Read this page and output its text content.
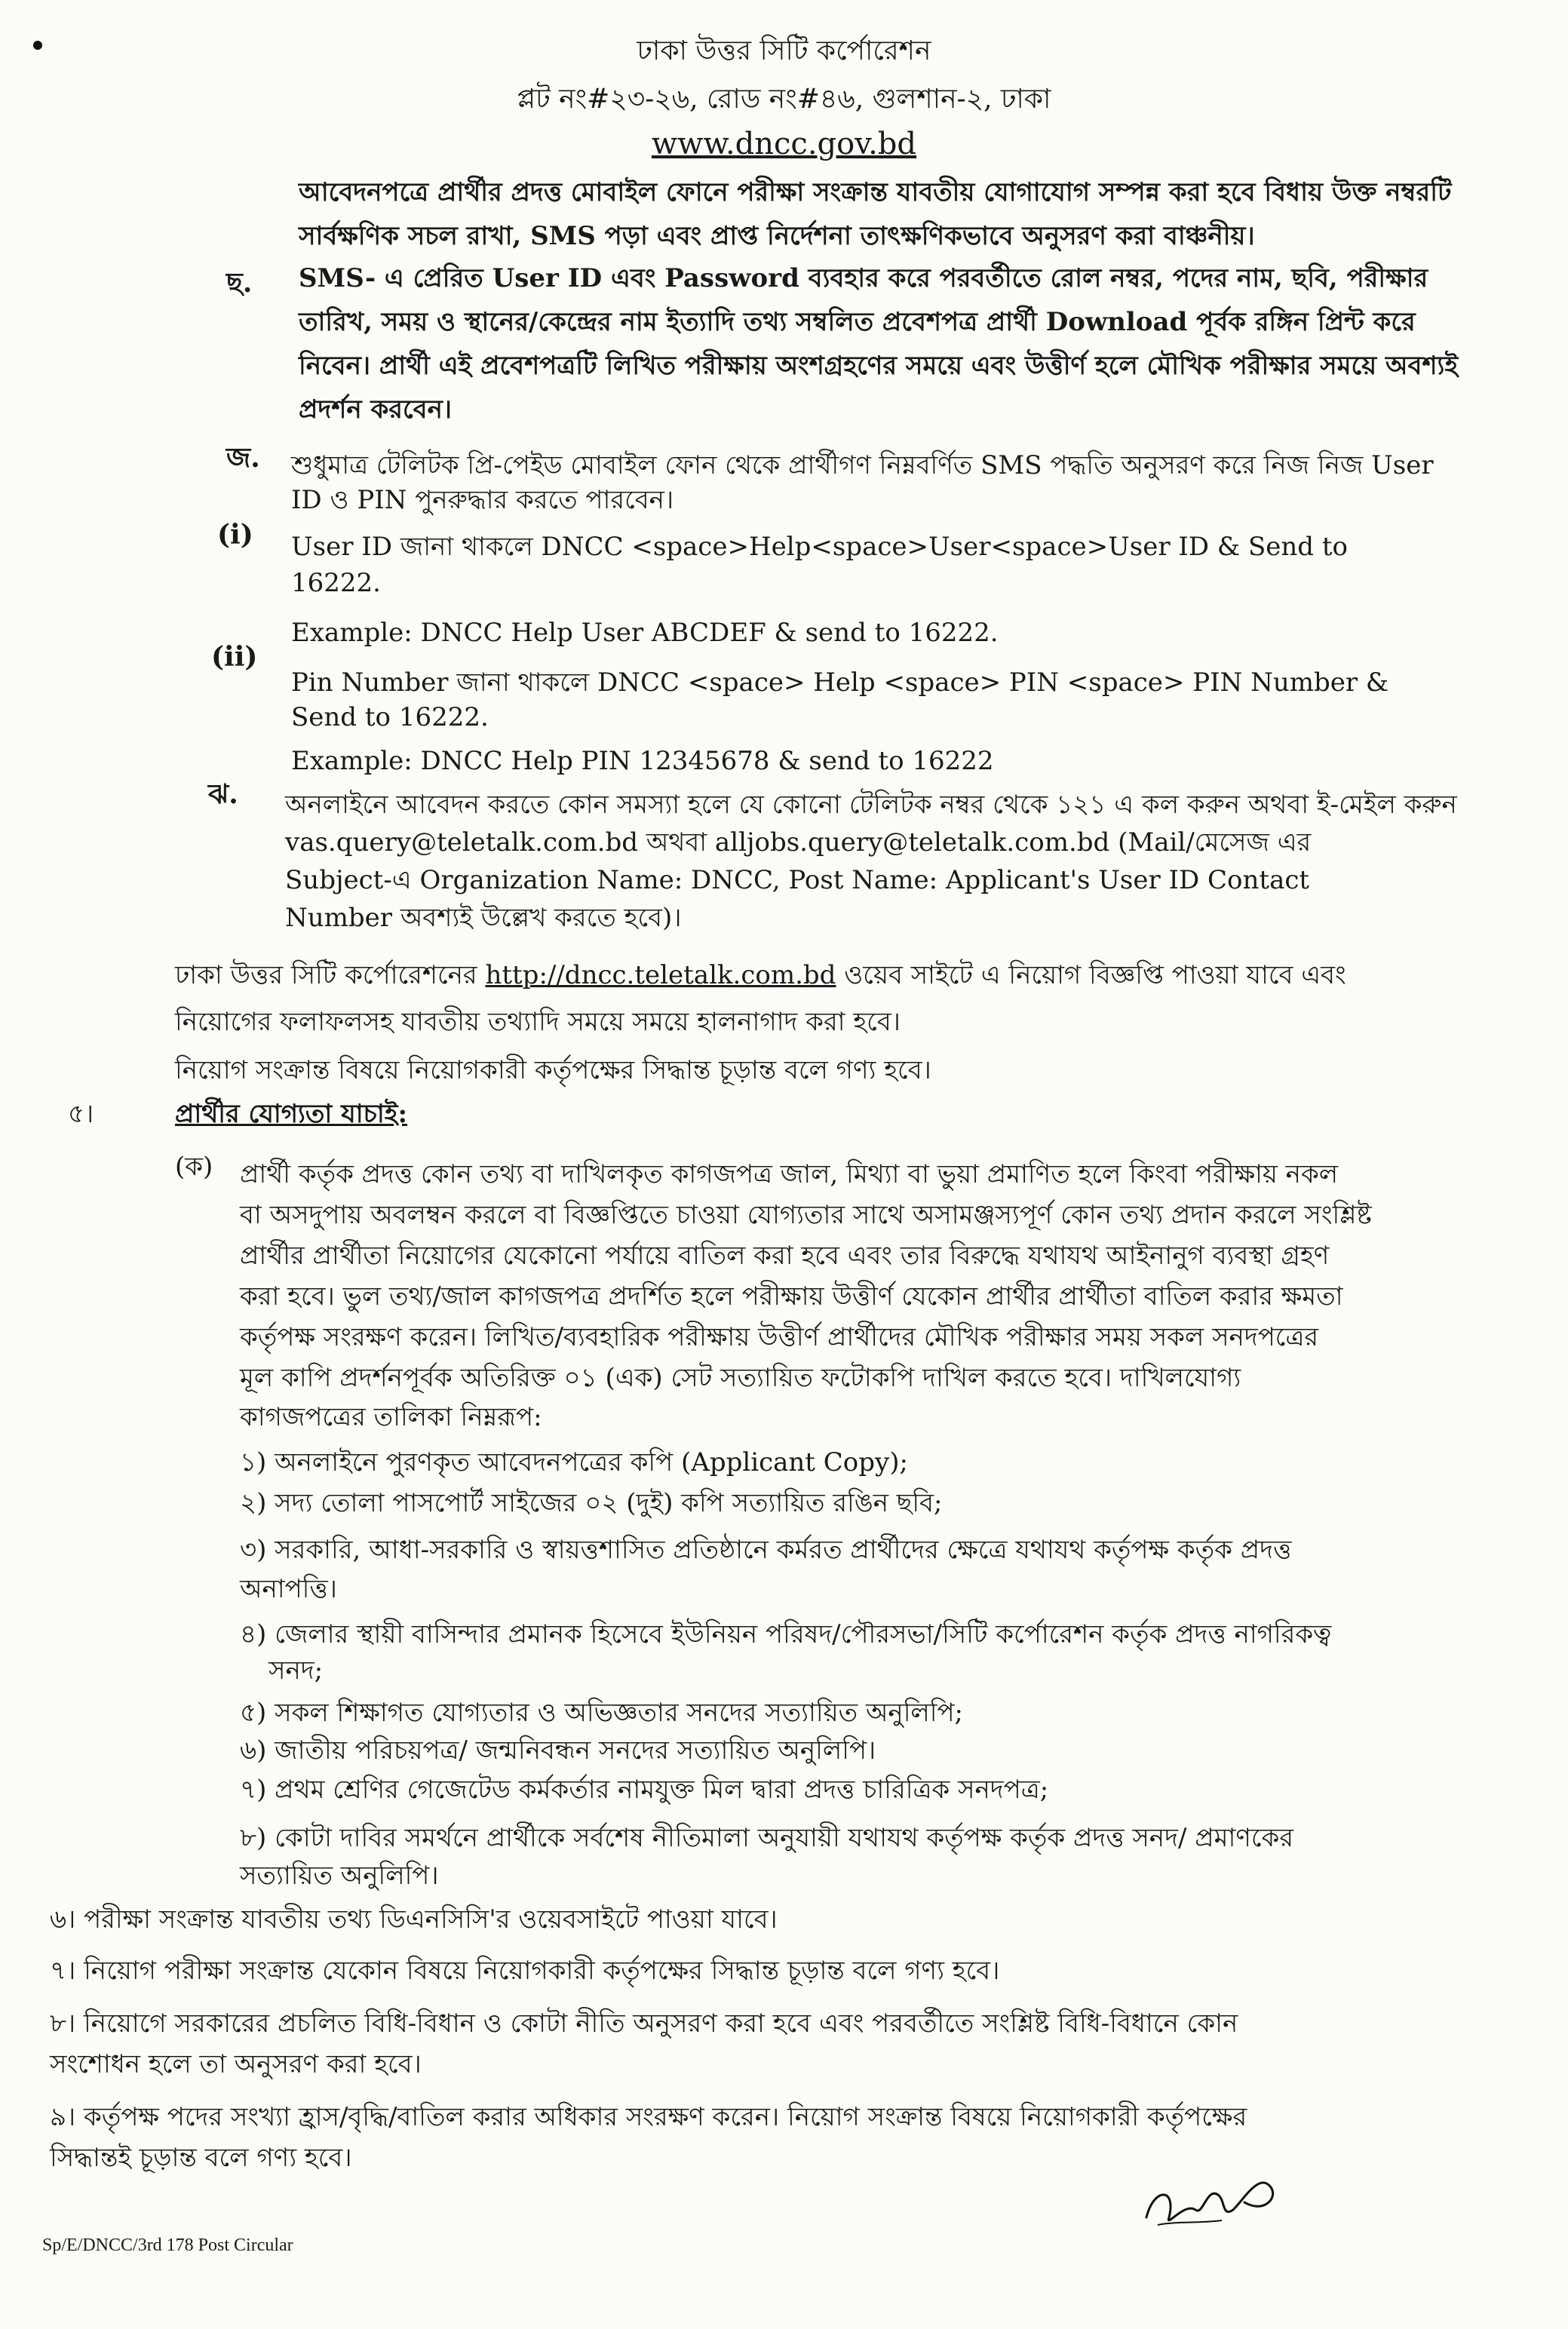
ঢাকা উত্তর সিটি কর্পোরেশন
প্লট নং#২৩-২৬, রোড নং#৪৬, গুলশান-২, ঢাকা
www.dncc.gov.bd
আবেদনপত্রে প্রার্থীর প্রদত্ত মোবাইল ফোনে পরীক্ষা সংক্রান্ত যাবতীয় যোগাযোগ সম্পন্ন করা হবে বিধায় উক্ত নম্বরটি
সার্বক্ষণিক সচল রাখা, SMS পড়া এবং প্রাপ্ত নির্দেশনা তাৎক্ষণিকভাবে অনুসরণ করা বাঞ্চনীয়।
ছ. SMS- এ প্রেরিত User ID এবং Password ব্যবহার করে পরবর্তীতে রোল নম্বর, পদের নাম, ছবি, পরীক্ষার
তারিখ, সময় ও স্থানের/কেন্দ্রের নাম ইত্যাদি তথ্য সম্বলিত প্রবেশপত্র প্রার্থী Download পূর্বক রঙ্গিন প্রিন্ট করে
নিবেন। প্রার্থী এই প্রবেশপত্রটি লিখিত পরীক্ষায় অংশগ্রহণের সময়ে এবং উত্তীর্ণ হলে মৌখিক পরীক্ষার সময়ে অবশ্যই
প্রদর্শন করবেন।
জ. শুধুমাত্র টেলিটক প্রি-পেইড মোবাইল ফোন থেকে প্রার্থীগণ নিম্নবর্ণিত SMS পদ্ধতি অনুসরণ করে নিজ নিজ User
ID ও PIN পুনরুদ্ধার করতে পারবেন।
(i) User ID জানা থাকলে DNCC <space>Help<space>User<space>User ID & Send to
16222.
Example: DNCC Help User ABCDEF & send to 16222.
(ii)
Pin Number জানা থাকলে DNCC <space> Help <space> PIN <space> PIN Number &
Send to 16222.
Example: DNCC Help PIN 12345678 & send to 16222
ঝ. অনলাইনে আবেদন করতে কোন সমস্যা হলে যে কোনো টেলিটক নম্বর থেকে ১২১ এ কল করুন অথবা ই-মেইল করুন
vas.query@teletalk.com.bd অথবা alljobs.query@teletalk.com.bd (Mail/মেসেজ এর
Subject-এ Organization Name: DNCC, Post Name: Applicant's User ID Contact
Number অবশ্যই উল্লেখ করতে হবে)।
ঢাকা উত্তর সিটি কর্পোরেশনের http://dncc.teletalk.com.bd ওয়েব সাইটে এ নিয়োগ বিজ্ঞপ্তি পাওয়া যাবে এবং
নিয়োগের ফলাফলসহ যাবতীয় তথ্যাদি সময়ে সময়ে হালনাগাদ করা হবে।
নিয়োগ সংক্রান্ত বিষয়ে নিয়োগকারী কর্তৃপক্ষের সিদ্ধান্ত চূড়ান্ত বলে গণ্য হবে।
৫।	প্রার্থীর যোগ্যতা যাচাই:
(ক) প্রার্থী কর্তৃক প্রদত্ত কোন তথ্য বা দাখিলকৃত কাগজপত্র জাল, মিথ্যা বা ভুয়া প্রমাণিত হলে কিংবা পরীক্ষায় নকল
বা অসদুপায় অবলম্বন করলে বা বিজ্ঞপ্তিতে চাওয়া যোগ্যতার সাথে অসামঞ্জস্যপূর্ণ কোন তথ্য প্রদান করলে সংশ্লিষ্ট
প্রার্থীর প্রার্থীতা নিয়োগের যেকোনো পর্যায়ে বাতিল করা হবে এবং তার বিরুদ্ধে যথাযথ আইনানুগ ব্যবস্থা গ্রহণ
করা হবে। ভুল তথ্য/জাল কাগজপত্র প্রদর্শিত হলে পরীক্ষায় উত্তীর্ণ যেকোন প্রার্থীর প্রার্থীতা বাতিল করার ক্ষমতা
কর্তৃপক্ষ সংরক্ষণ করেন। লিখিত/ব্যবহারিক পরীক্ষায় উত্তীর্ণ প্রার্থীদের মৌখিক পরীক্ষার সময় সকল সনদপত্রের
মূল কাপি প্রদর্শনপূর্বক অতিরিক্ত ০১ (এক) সেট সত্যায়িত ফটোকপি দাখিল করতে হবে। দাখিলযোগ্য
কাগজপত্রের তালিকা নিম্নরূপ:
১) অনলাইনে পুরণকৃত আবেদনপত্রের কপি (Applicant Copy);
২) সদ্য তোলা পাসপোর্ট সাইজের ০২ (দুই) কপি সত্যায়িত রঙিন ছবি;
৩) সরকারি, আধা-সরকারি ও স্বায়ত্তশাসিত প্রতিষ্ঠানে কর্মরত প্রার্থীদের ক্ষেত্রে যথাযথ কর্তৃপক্ষ কর্তৃক প্রদত্ত
অনাপত্তি।
৪) জেলার স্থায়ী বাসিন্দার প্রমানক হিসেবে ইউনিয়ন পরিষদ/পৌরসভা/সিটি কর্পোরেশন কর্তৃক প্রদত্ত নাগরিকত্ব
সনদ;
৫) সকল শিক্ষাগত যোগ্যতার ও অভিজ্ঞতার সনদের সত্যায়িত অনুলিপি;
৬) জাতীয় পরিচয়পত্র/ জন্মনিবন্ধন সনদের সত্যায়িত অনুলিপি।
৭) প্রথম শ্রেণির গেজেটেড কর্মকর্তার নামযুক্ত মিল দ্বারা প্রদত্ত চারিত্রিক সনদপত্র;
৮) কোটা দাবির সমর্থনে প্রার্থীকে সর্বশেষ নীতিমালা অনুযায়ী যথাযথ কর্তৃপক্ষ কর্তৃক প্রদত্ত সনদ/ প্রমাণকের
সত্যায়িত অনুলিপি।
৬। পরীক্ষা সংক্রান্ত যাবতীয় তথ্য ডিএনসিসি'র ওয়েবসাইটে পাওয়া যাবে।
৭। নিয়োগ পরীক্ষা সংক্রান্ত যেকোন বিষয়ে নিয়োগকারী কর্তৃপক্ষের সিদ্ধান্ত চূড়ান্ত বলে গণ্য হবে।
৮। নিয়োগে সরকারের প্রচলিত বিধি-বিধান ও কোটা নীতি অনুসরণ করা হবে এবং পরবর্তীতে সংশ্লিষ্ট বিধি-বিধানে কোন
সংশোধন হলে তা অনুসরণ করা হবে।
৯। কর্তৃপক্ষ পদের সংখ্যা হ্রাস/বৃদ্ধি/বাতিল করার অধিকার সংরক্ষণ করেন। নিয়োগ সংক্রান্ত বিষয়ে নিয়োগকারী কর্তৃপক্ষের
সিদ্ধান্তই চূড়ান্ত বলে গণ্য হবে।
Sp/E/DNCC/3rd 178 Post Circular
